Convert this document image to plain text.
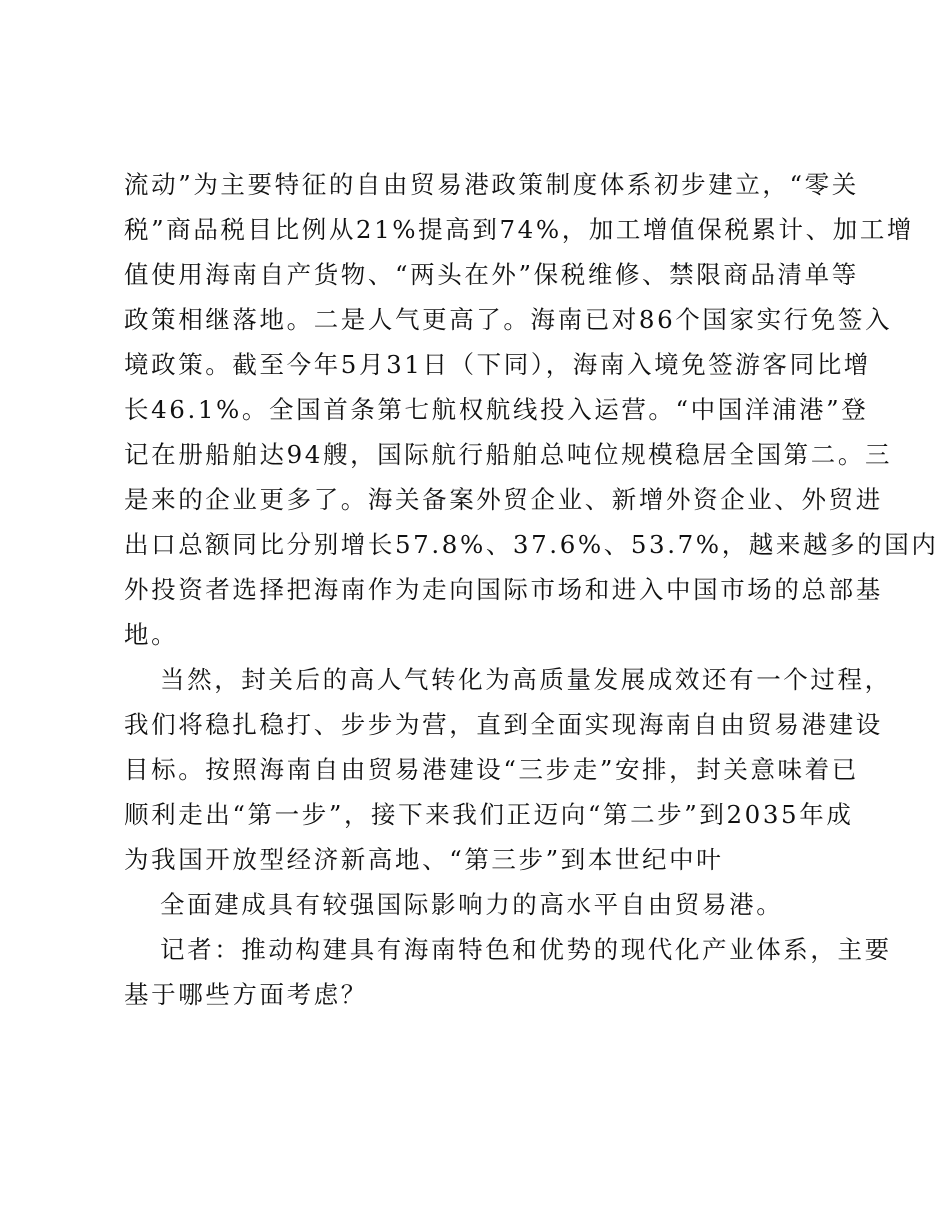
流动”为主要特征的自由贸易港政策制度体系初步建立，“零关
税”商品税目比例从21%提高到74%，加工增值保税累计、加工增
值使用海南自产货物、“两头在外”保税维修、禁限商品清单等
政策相继落地。二是人气更高了。海南已对86个国家实行免签入
境政策。截至今年5月31日（下同），海南入境免签游客同比增
长46.1%。全国首条第七航权航线投入运营。“中国洋浦港”登
记在册船舶达94艘，国际航行船舶总吨位规模稳居全国第二。三
是来的企业更多了。海关备案外贸企业、新增外资企业、外贸进
出口总额同比分别增长57.8%、37.6%、53.7%，越来越多的国内
外投资者选择把海南作为走向国际市场和进入中国市场的总部基
地。
当然，封关后的高人气转化为高质量发展成效还有一个过程，
我们将稳扎稳打、步步为营，直到全面实现海南自由贸易港建设
目标。按照海南自由贸易港建设“三步走”安排，封关意味着已
顺利走出“第一步”，接下来我们正迈向“第二步”到2035年成
为我国开放型经济新高地、“第三步”到本世纪中叶
全面建成具有较强国际影响力的高水平自由贸易港。
记者：推动构建具有海南特色和优势的现代化产业体系，主要
基于哪些方面考虑？
